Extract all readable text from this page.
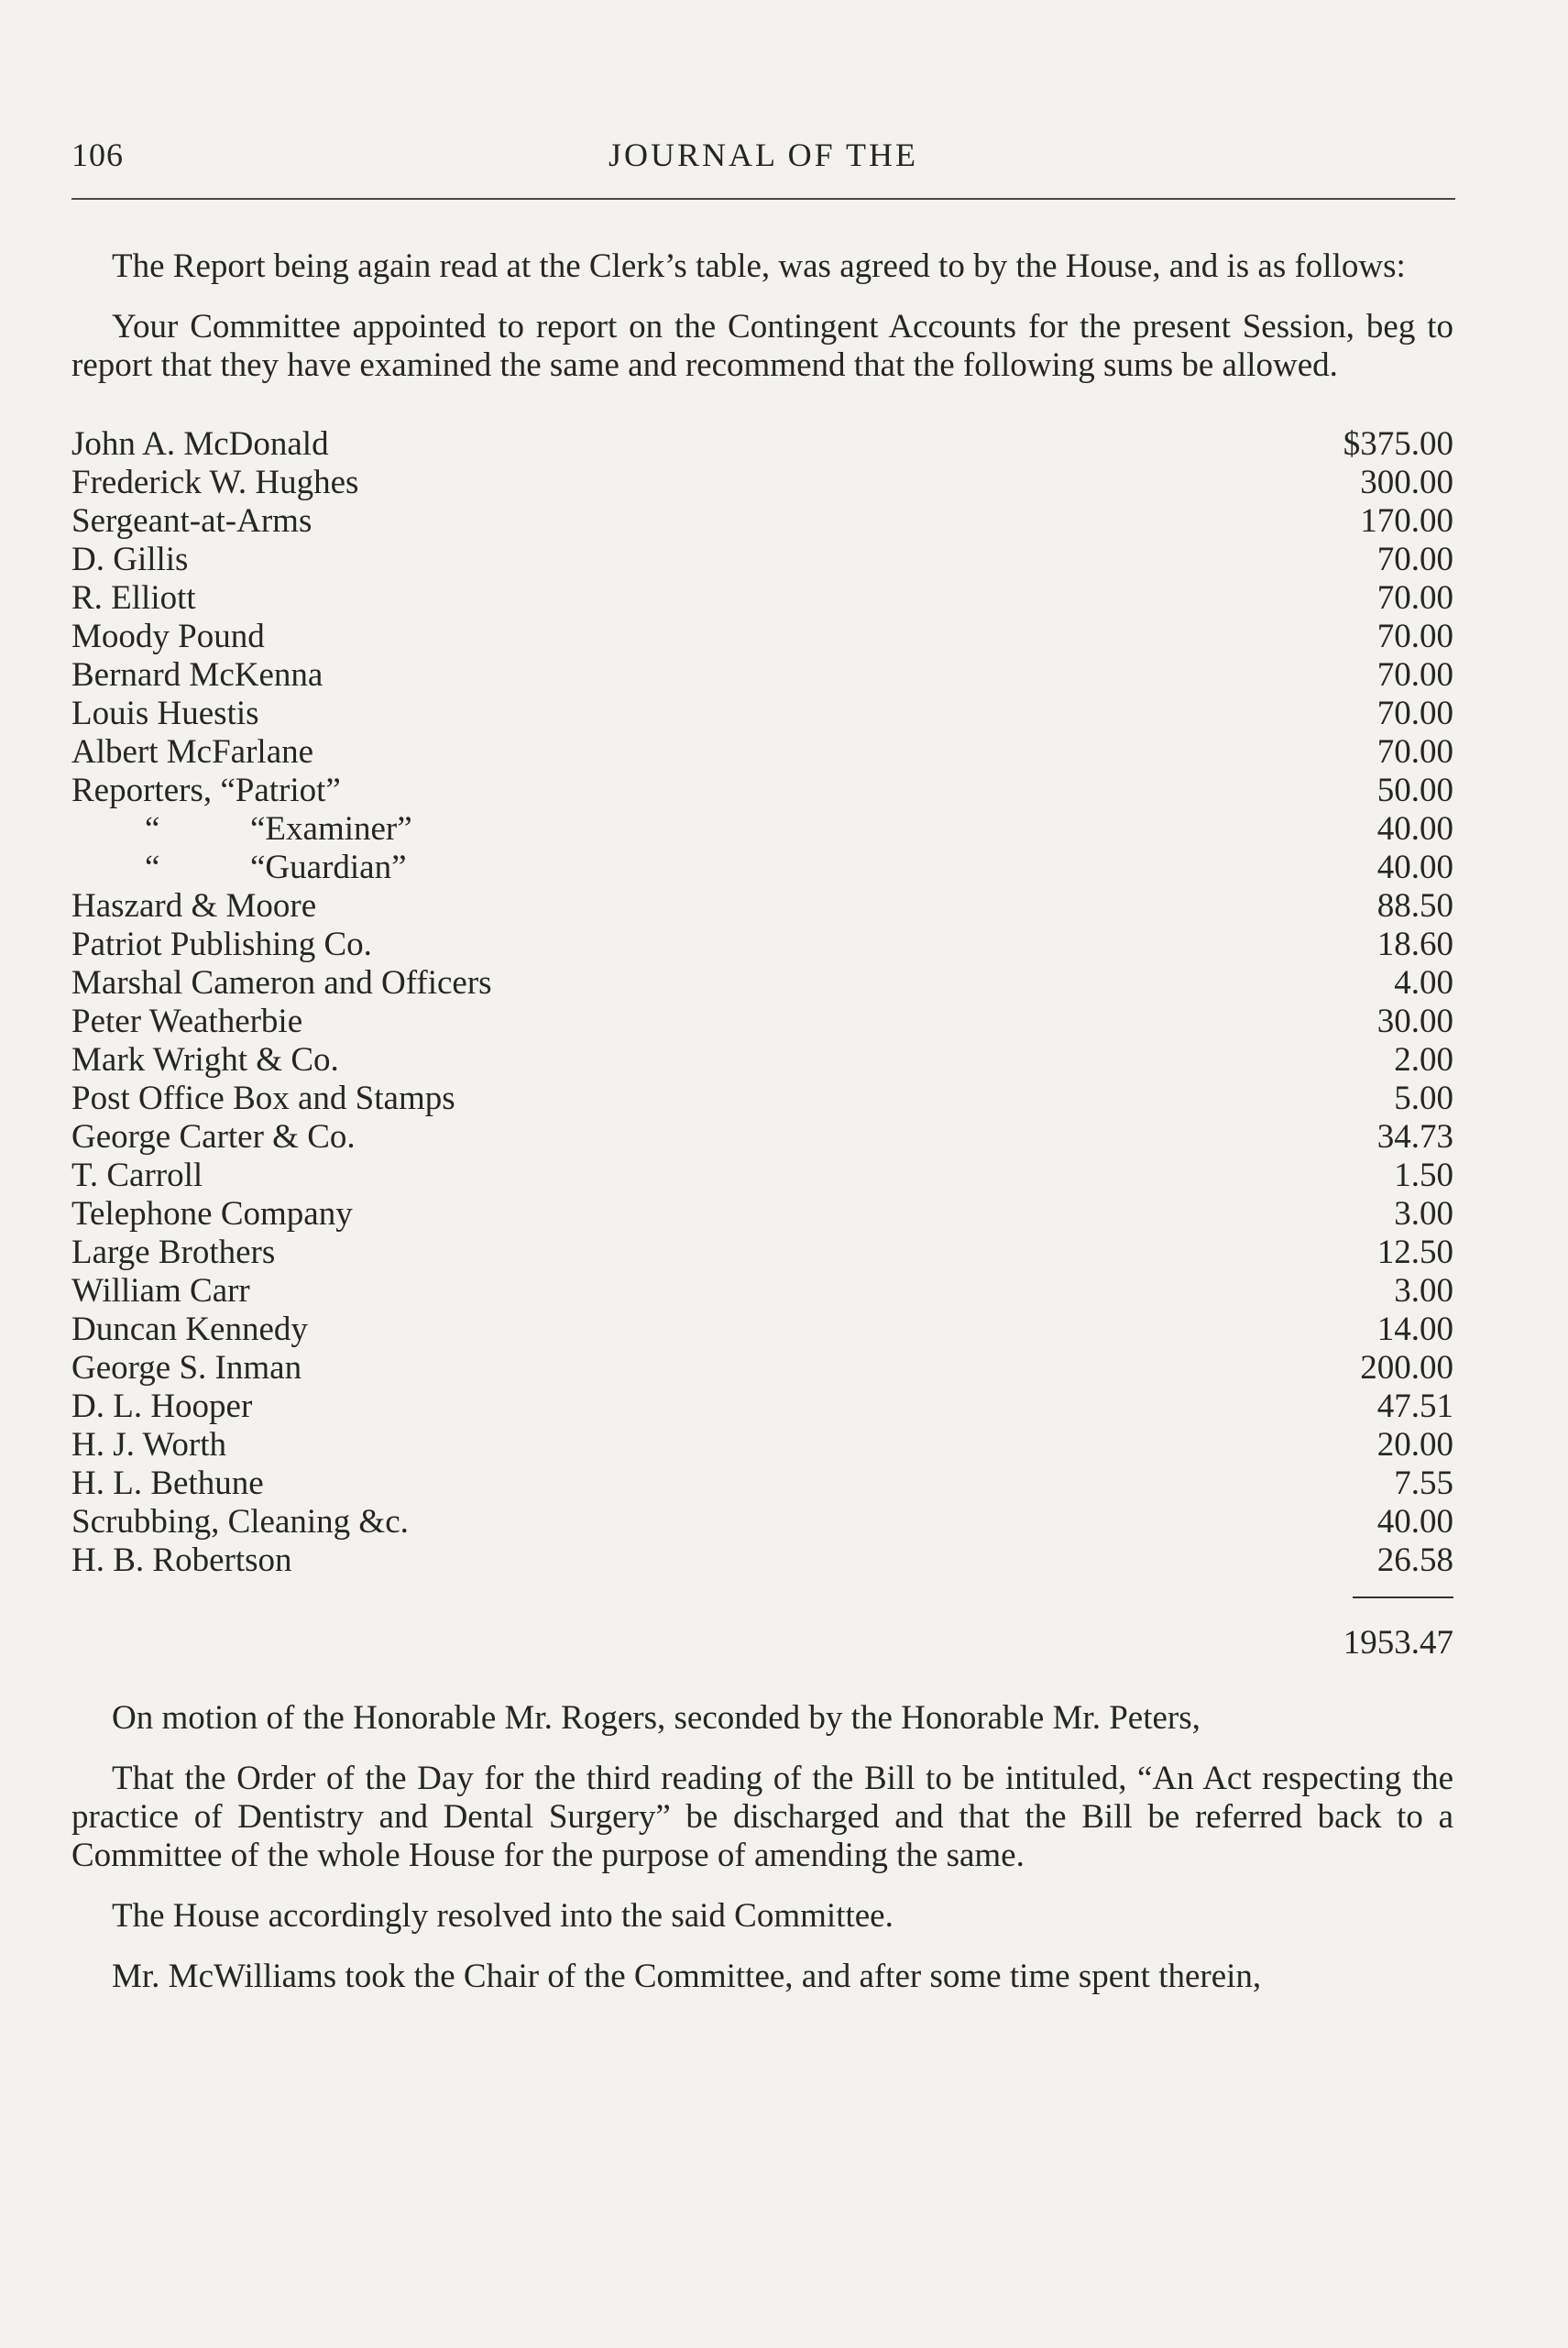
106	JOURNAL OF THE

The Report being again read at the Clerk’s table, was agreed to by the House, and is as follows:

Your Committee appointed to report on the Contingent Accounts for the present Session, beg to report that they have examined the same and recommend that the following sums be allowed.

John A. McDonald	$375.00
Frederick W. Hughes	300.00
Sergeant-at-Arms	170.00
D. Gillis	70.00
R. Elliott	70.00
Moody Pound	70.00
Bernard McKenna	70.00
Louis Huestis	70.00
Albert McFarlane	70.00
Reporters, “Patriot”	50.00
“	“Examiner”	40.00
“	“Guardian”	40.00
Haszard & Moore	88.50
Patriot Publishing Co.	18.60
Marshal Cameron and Officers	4.00
Peter Weatherbie	30.00
Mark Wright & Co.	2.00
Post Office Box and Stamps	5.00
George Carter & Co.	34.73
T. Carroll	1.50
Telephone Company	3.00
Large Brothers	12.50
William Carr	3.00
Duncan Kennedy	14.00
George S. Inman	200.00
D. L. Hooper	47.51
H. J. Worth	20.00
H. L. Bethune	7.55
Scrubbing, Cleaning &c.	40.00
H. B. Robertson	26.58
1953.47

On motion of the Honorable Mr. Rogers, seconded by the Honorable Mr. Peters,

That the Order of the Day for the third reading of the Bill to be intituled, “An Act respecting the practice of Dentistry and Dental Surgery” be discharged and that the Bill be referred back to a Committee of the whole House for the purpose of amending the same.

The House accordingly resolved into the said Committee.

Mr. McWilliams took the Chair of the Committee, and after some time spent therein,
